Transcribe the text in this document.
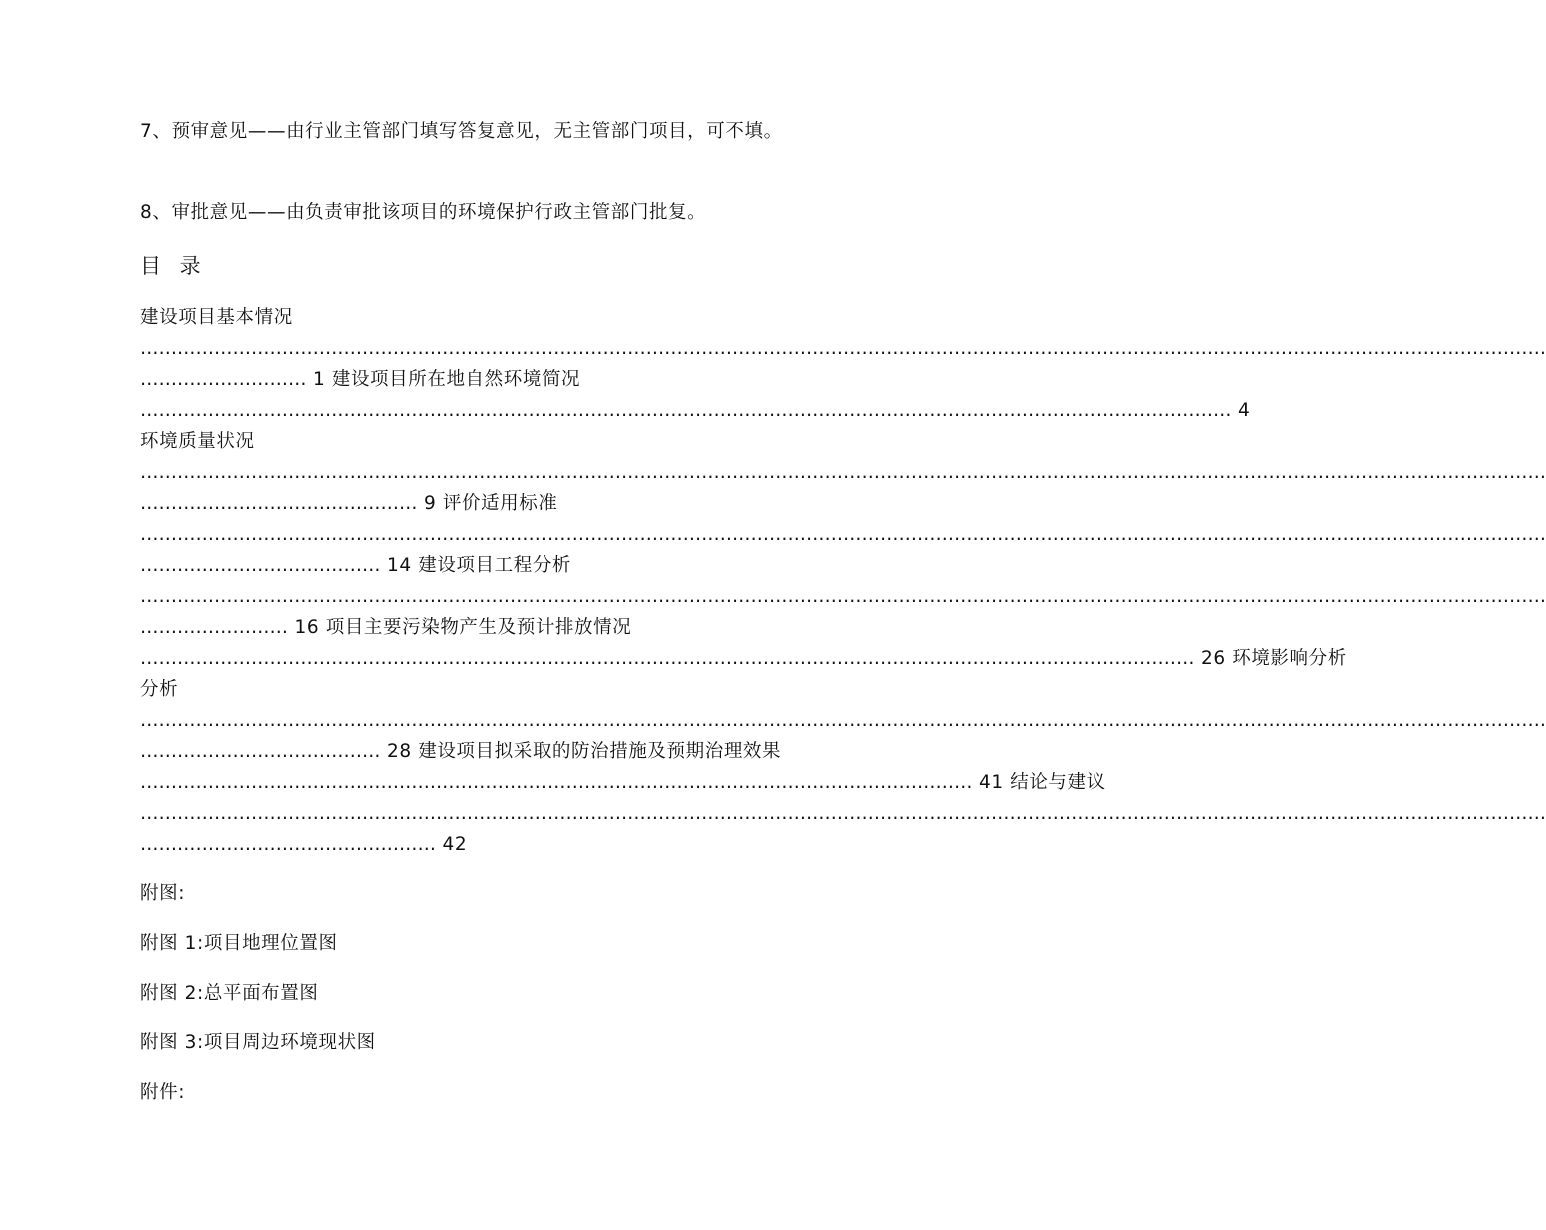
7、预审意见——由行业主管部门填写答复意见，无主管部门项目，可不填。

8、审批意见——由负责审批该项目的环境保护行政主管部门批复。

目 录
建设项目基本情况
…………………………………………………………………………………………………………………………………………………………………………………………………………
……………………… 1 建设项目所在地自然环境简况
…………………………………………………………………………………………………………………………………………………………… 4
环境质量状况
…………………………………………………………………………………………………………………………………………………………………………………………………………
……………………………………… 9 评价适用标准
…………………………………………………………………………………………………………………………………………………………………………………………………………
………………………………… 14 建设项目工程分析
…………………………………………………………………………………………………………………………………………………………………………………………………………
…………………… 16 项目主要污染物产生及预计排放情况
……………………………………………………………………………………………………………………………………………………… 26 环境影响分析
分析
…………………………………………………………………………………………………………………………………………………………………………………………………………
………………………………… 28 建设项目拟采取的防治措施及预期治理效果
……………………………………………………………………………………………………………………… 41 结论与建议
…………………………………………………………………………………………………………………………………………………………………………………………………………
………………………………………… 42
附图:
附图 1:项目地理位置图
附图 2:总平面布置图
附图 3:项目周边环境现状图
附件:
